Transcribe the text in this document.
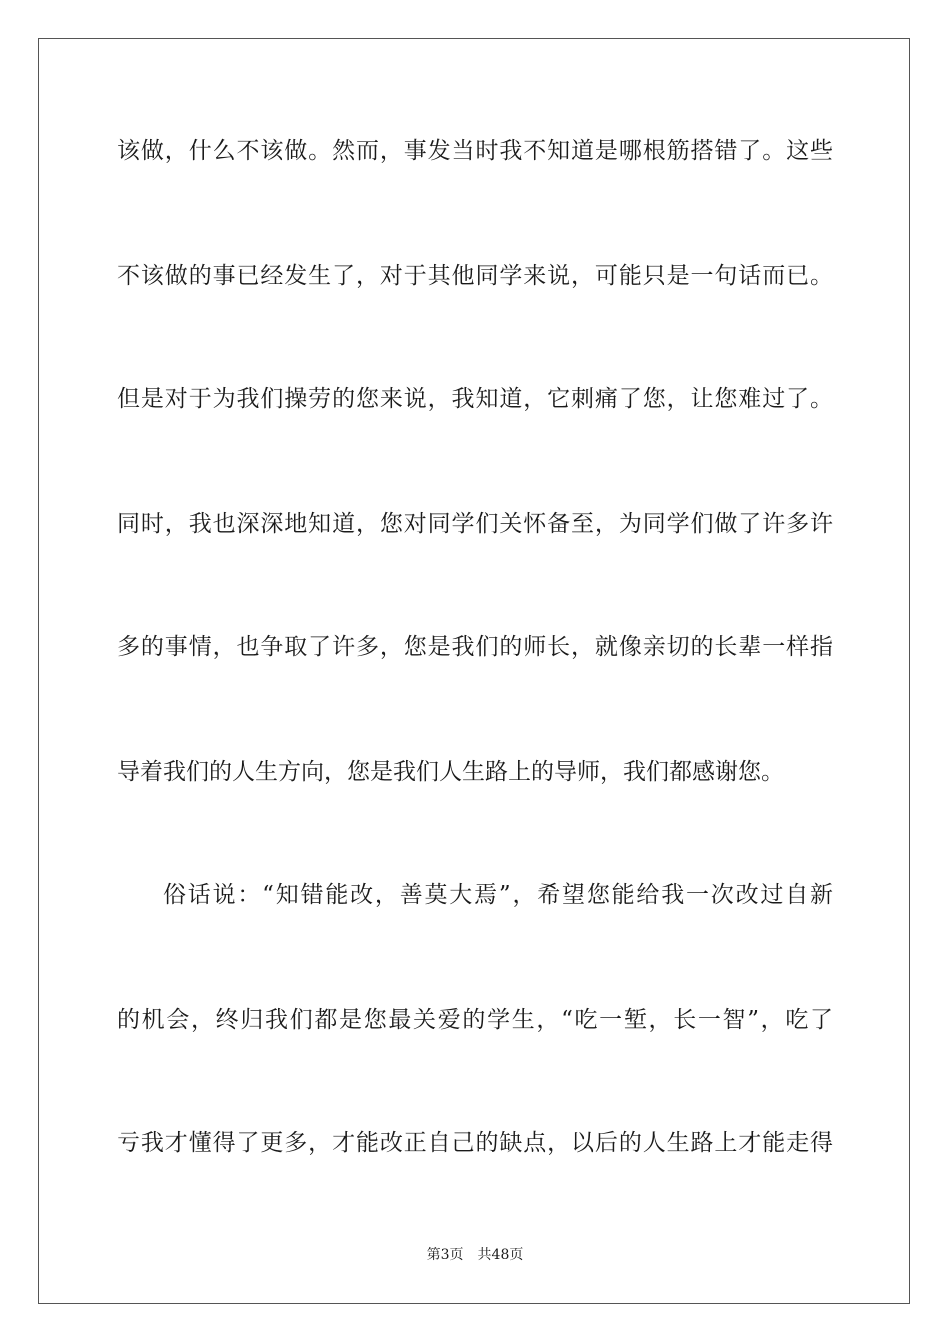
该做，什么不该做。然而，事发当时我不知道是哪根筋搭错了。这些
不该做的事已经发生了，对于其他同学来说，可能只是一句话而已。
但是对于为我们操劳的您来说，我知道，它刺痛了您，让您难过了。
同时，我也深深地知道，您对同学们关怀备至，为同学们做了许多许
多的事情，也争取了许多，您是我们的师长，就像亲切的长辈一样指
导着我们的人生方向，您是我们人生路上的导师，我们都感谢您。
俗话说：“知错能改，善莫大焉”，希望您能给我一次改过自新
的机会，终归我们都是您最关爱的学生，“吃一堑，长一智”，吃了
亏我才懂得了更多，才能改正自己的缺点，以后的人生路上才能走得
第3页 共48页
